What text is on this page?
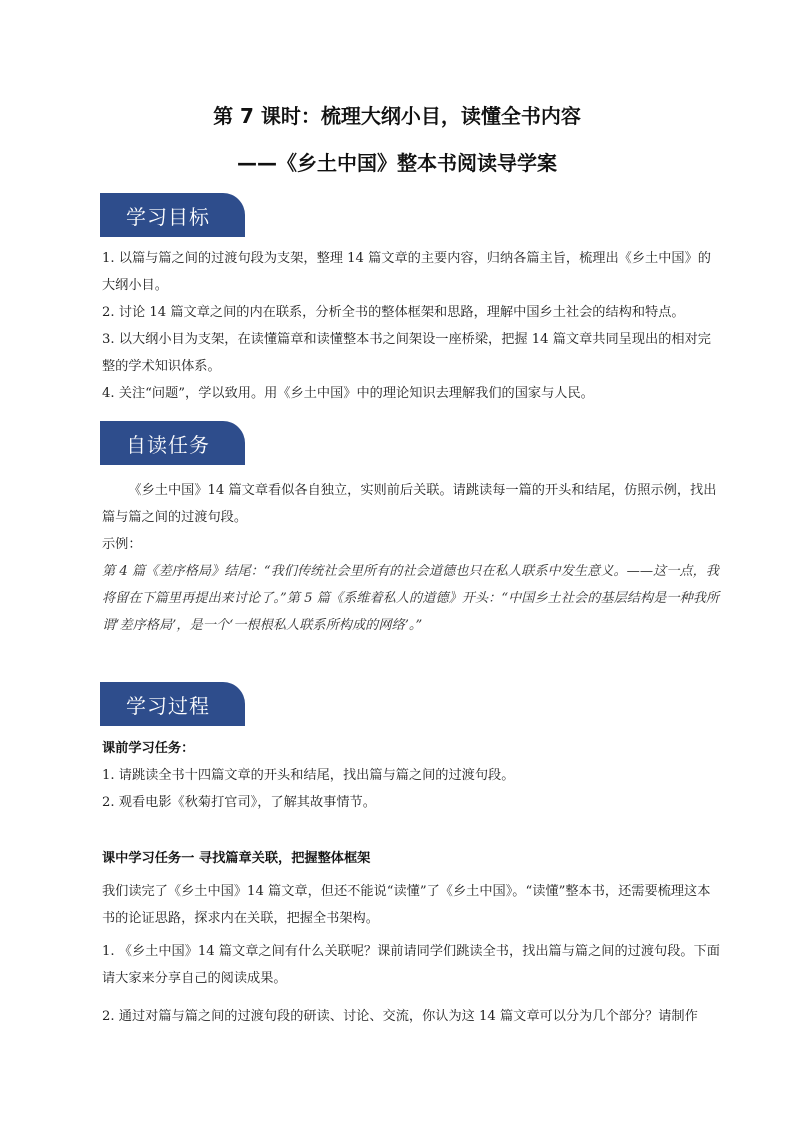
第 7 课时：梳理大纲小目，读懂全书内容
——《乡土中国》整本书阅读导学案
学习目标

1. 以篇与篇之间的过渡句段为支架，整理 14 篇文章的主要内容，归纳各篇主旨，梳理出《乡土中国》的大纲小目。

2. 讨论 14 篇文章之间的内在联系，分析全书的整体框架和思路，理解中国乡土社会的结构和特点。

3. 以大纲小目为支架，在读懂篇章和读懂整本书之间架设一座桥梁，把握 14 篇文章共同呈现出的相对完整的学术知识体系。

4. 关注“问题”，学以致用。用《乡土中国》中的理论知识去理解我们的国家与人民。

自读任务

《乡土中国》14 篇文章看似各自独立，实则前后关联。请跳读每一篇的开头和结尾，仿照示例，找出篇与篇之间的过渡句段。

示例：

第 4 篇《差序格局》结尾：“我们传统社会里所有的社会道德也只在私人联系中发生意义。——这一点，我将留在下篇里再提出来讨论了。”第 5 篇《系维着私人的道德》开头：“中国乡土社会的基层结构是一种我所谓‘差序格局’，是一个‘一根根私人联系所构成的网络’。”

学习过程

课前学习任务：

1. 请跳读全书十四篇文章的开头和结尾，找出篇与篇之间的过渡句段。

2. 观看电影《秋菊打官司》，了解其故事情节。

课中学习任务一 寻找篇章关联，把握整体框架

我们读完了《乡土中国》14 篇文章，但还不能说“读懂”了《乡土中国》。“读懂”整本书，还需要梳理这本书的论证思路，探求内在关联，把握全书架构。

1. 《乡土中国》14 篇文章之间有什么关联呢？课前请同学们跳读全书，找出篇与篇之间的过渡句段。下面请大家来分享自己的阅读成果。

2. 通过对篇与篇之间的过渡句段的研读、讨论、交流，你认为这 14 篇文章可以分为几个部分？请制作
